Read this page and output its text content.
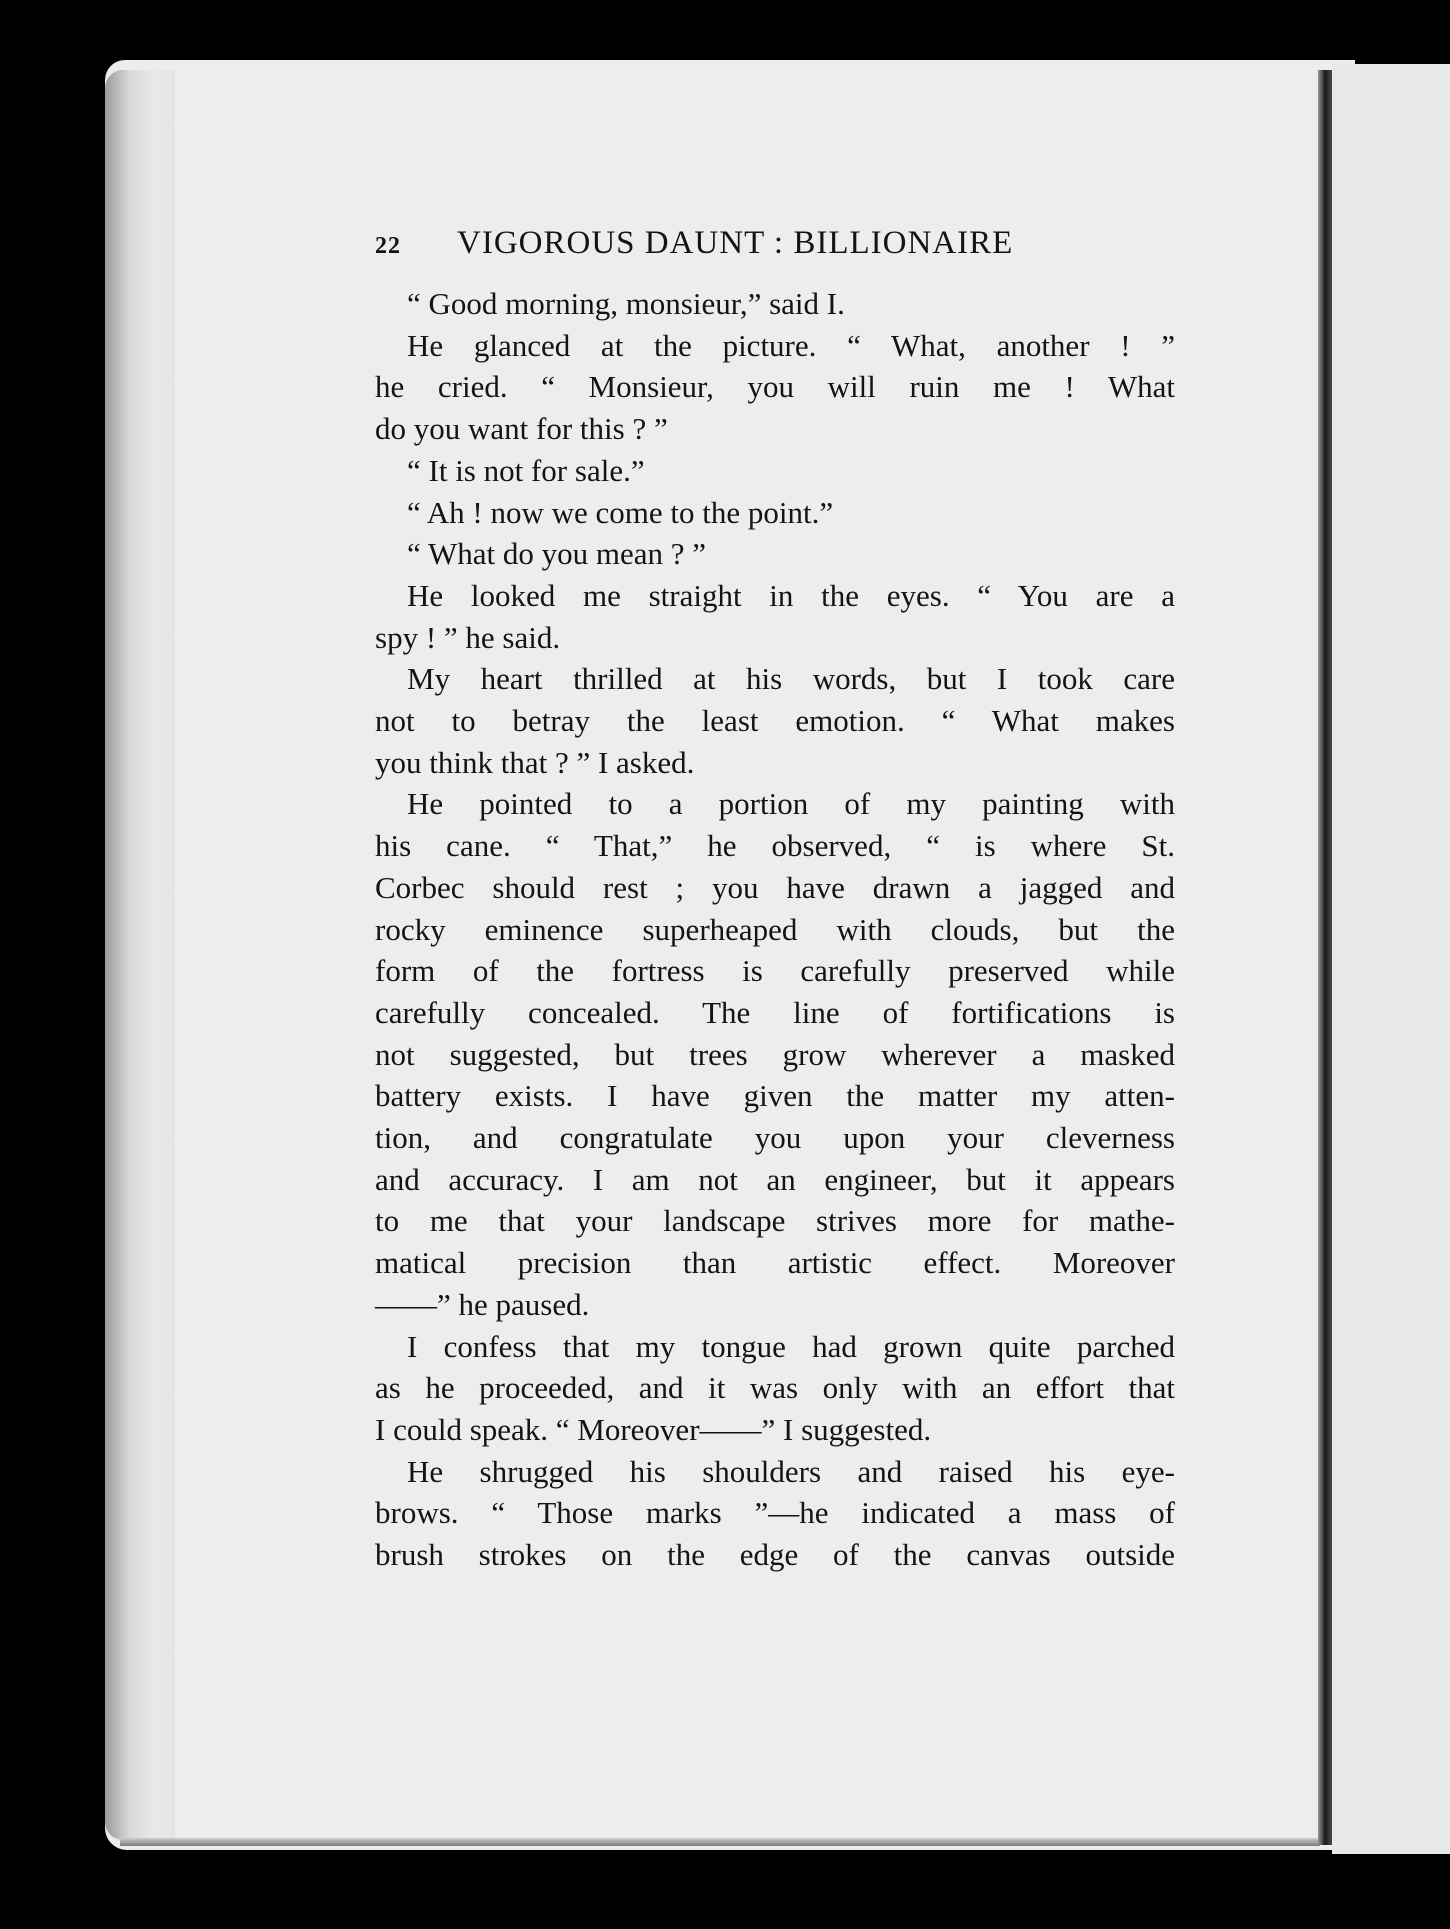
22	VIGOROUS DAUNT : BILLIONAIRE

“ Good morning, monsieur,” said I.

He glanced at the picture. “ What, another ! ”
he cried. “ Monsieur, you will ruin me ! What
do you want for this ? ”

“ It is not for sale.”

“ Ah ! now we come to the point.”

“ What do you mean ? ”

He looked me straight in the eyes. “ You are a
spy ! ” he said.

My heart thrilled at his words, but I took care
not to betray the least emotion. “ What makes
you think that ? ” I asked.

He pointed to a portion of my painting with
his cane. “ That,” he observed, “ is where St.
Corbec should rest ; you have drawn a jagged and
rocky eminence superheaped with clouds, but the
form of the fortress is carefully preserved while
carefully concealed. The line of fortifications is
not suggested, but trees grow wherever a masked
battery exists. I have given the matter my atten-
tion, and congratulate you upon your cleverness
and accuracy. I am not an engineer, but it appears
to me that your landscape strives more for mathe-
matical precision than artistic effect. Moreover
——” he paused.

I confess that my tongue had grown quite parched
as he proceeded, and it was only with an effort that
I could speak. “ Moreover——” I suggested.

He shrugged his shoulders and raised his eye-
brows. “ Those marks ”—he indicated a mass of
brush strokes on the edge of the canvas outside
